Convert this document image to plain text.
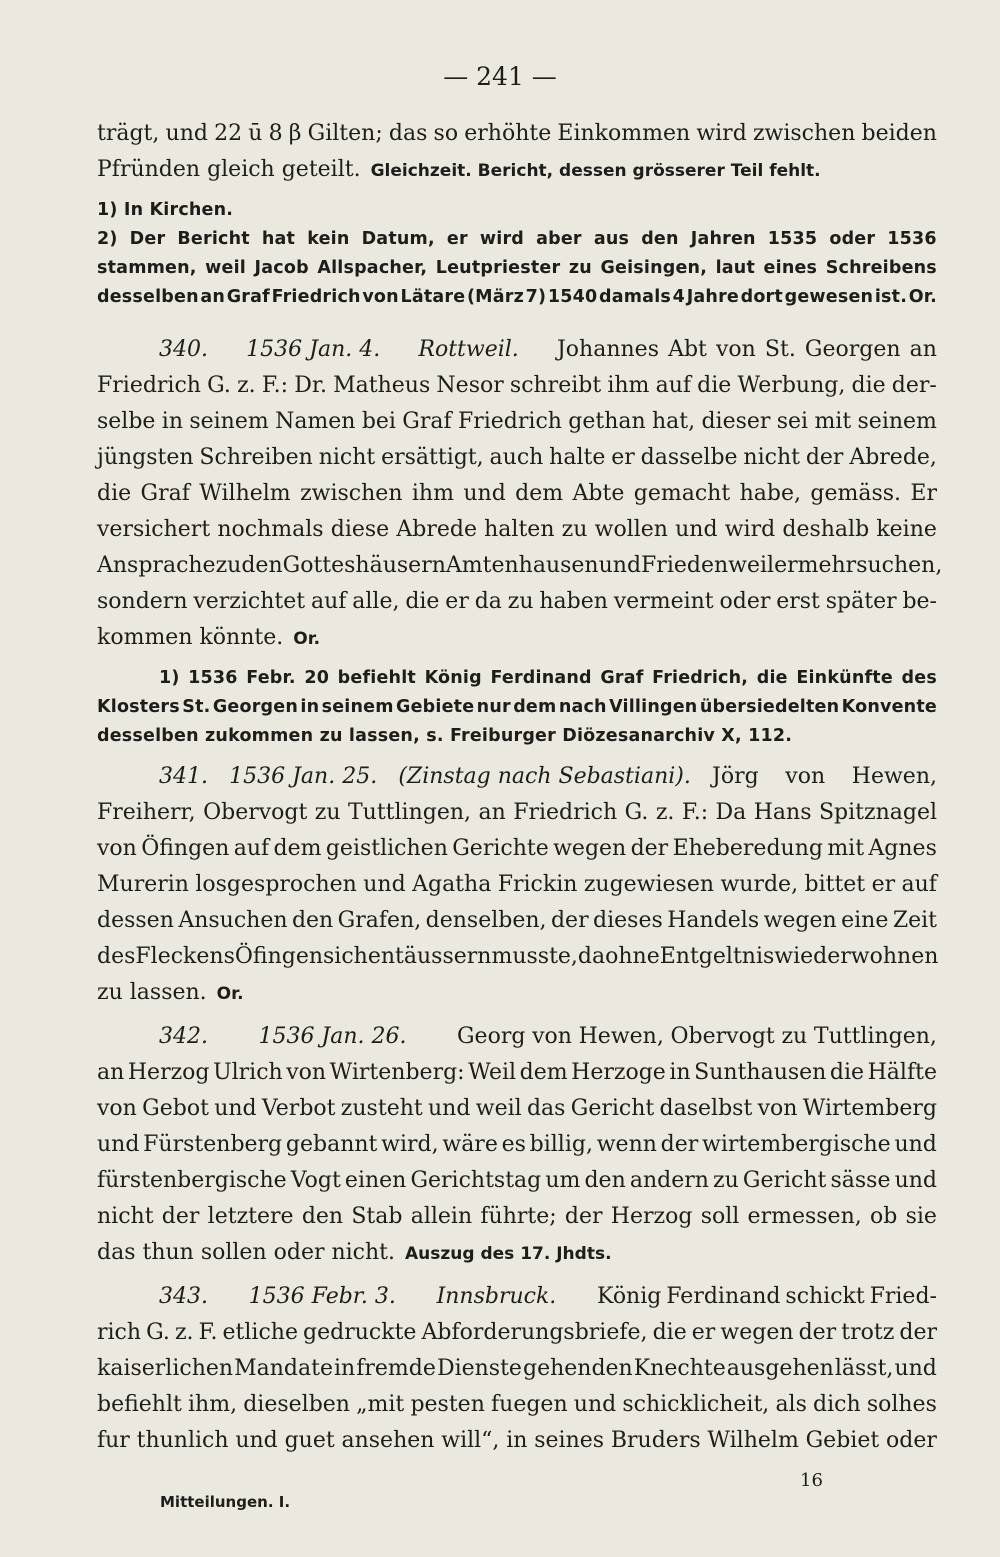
— 241 —
trägt, und 22 ū 8 β Gilten; das so erhöhte Einkommen wird zwischen beiden
Pfründen gleich geteilt. Gleichzeit. Bericht, dessen grösserer Teil fehlt.
1) In Kirchen.
2) Der Bericht hat kein Datum, er wird aber aus den Jahren 1535 oder 1536
stammen, weil Jacob Allspacher, Leutpriester zu Geisingen, laut eines Schreibens
desselben an Graf Friedrich von Lätare (März 7) 1540 damals 4 Jahre dort gewesen ist. Or.
340. 1536 Jan. 4. Rottweil. Johannes Abt von St. Georgen an
Friedrich G. z. F.: Dr. Matheus Nesor schreibt ihm auf die Werbung, die der-
selbe in seinem Namen bei Graf Friedrich gethan hat, dieser sei mit seinem
jüngsten Schreiben nicht ersättigt, auch halte er dasselbe nicht der Abrede,
die Graf Wilhelm zwischen ihm und dem Abte gemacht habe, gemäss. Er
versichert nochmals diese Abrede halten zu wollen und wird deshalb keine
Ansprache zu den Gotteshäusern Amtenhausen und Friedenweiler mehr suchen,
sondern verzichtet auf alle, die er da zu haben vermeint oder erst später be-
kommen könnte. Or.
1) 1536 Febr. 20 befiehlt König Ferdinand Graf Friedrich, die Einkünfte des
Klosters St. Georgen in seinem Gebiete nur dem nach Villingen übersiedelten Konvente
desselben zukommen zu lassen, s. Freiburger Diözesanarchiv X, 112.
341. 1536 Jan. 25. (Zinstag nach Sebastiani). Jörg von Hewen,
Freiherr, Obervogt zu Tuttlingen, an Friedrich G. z. F.: Da Hans Spitznagel
von Öfingen auf dem geistlichen Gerichte wegen der Eheberedung mit Agnes
Murerin losgesprochen und Agatha Frickin zugewiesen wurde, bittet er auf
dessen Ansuchen den Grafen, denselben, der dieses Handels wegen eine Zeit
des Fleckens Öfingen sich entäussern musste, da ohne Entgeltnis wieder wohnen
zu lassen. Or.
342. 1536 Jan. 26. Georg von Hewen, Obervogt zu Tuttlingen,
an Herzog Ulrich von Wirtenberg: Weil dem Herzoge in Sunthausen die Hälfte
von Gebot und Verbot zusteht und weil das Gericht daselbst von Wirtemberg
und Fürstenberg gebannt wird, wäre es billig, wenn der wirtembergische und
fürstenbergische Vogt einen Gerichtstag um den andern zu Gericht sässe und
nicht der letztere den Stab allein führte; der Herzog soll ermessen, ob sie
das thun sollen oder nicht. Auszug des 17. Jhdts.
343. 1536 Febr. 3. Innsbruck. König Ferdinand schickt Fried-
rich G. z. F. etliche gedruckte Abforderungsbriefe, die er wegen der trotz der
kaiserlichen Mandate in fremde Dienste gehenden Knechte ausgehen lässt, und
befiehlt ihm, dieselben „mit pesten fuegen und schicklicheit, als dich solhes
fur thunlich und guet ansehen will“, in seines Bruders Wilhelm Gebiet oder
Mitteilungen. I.
16
